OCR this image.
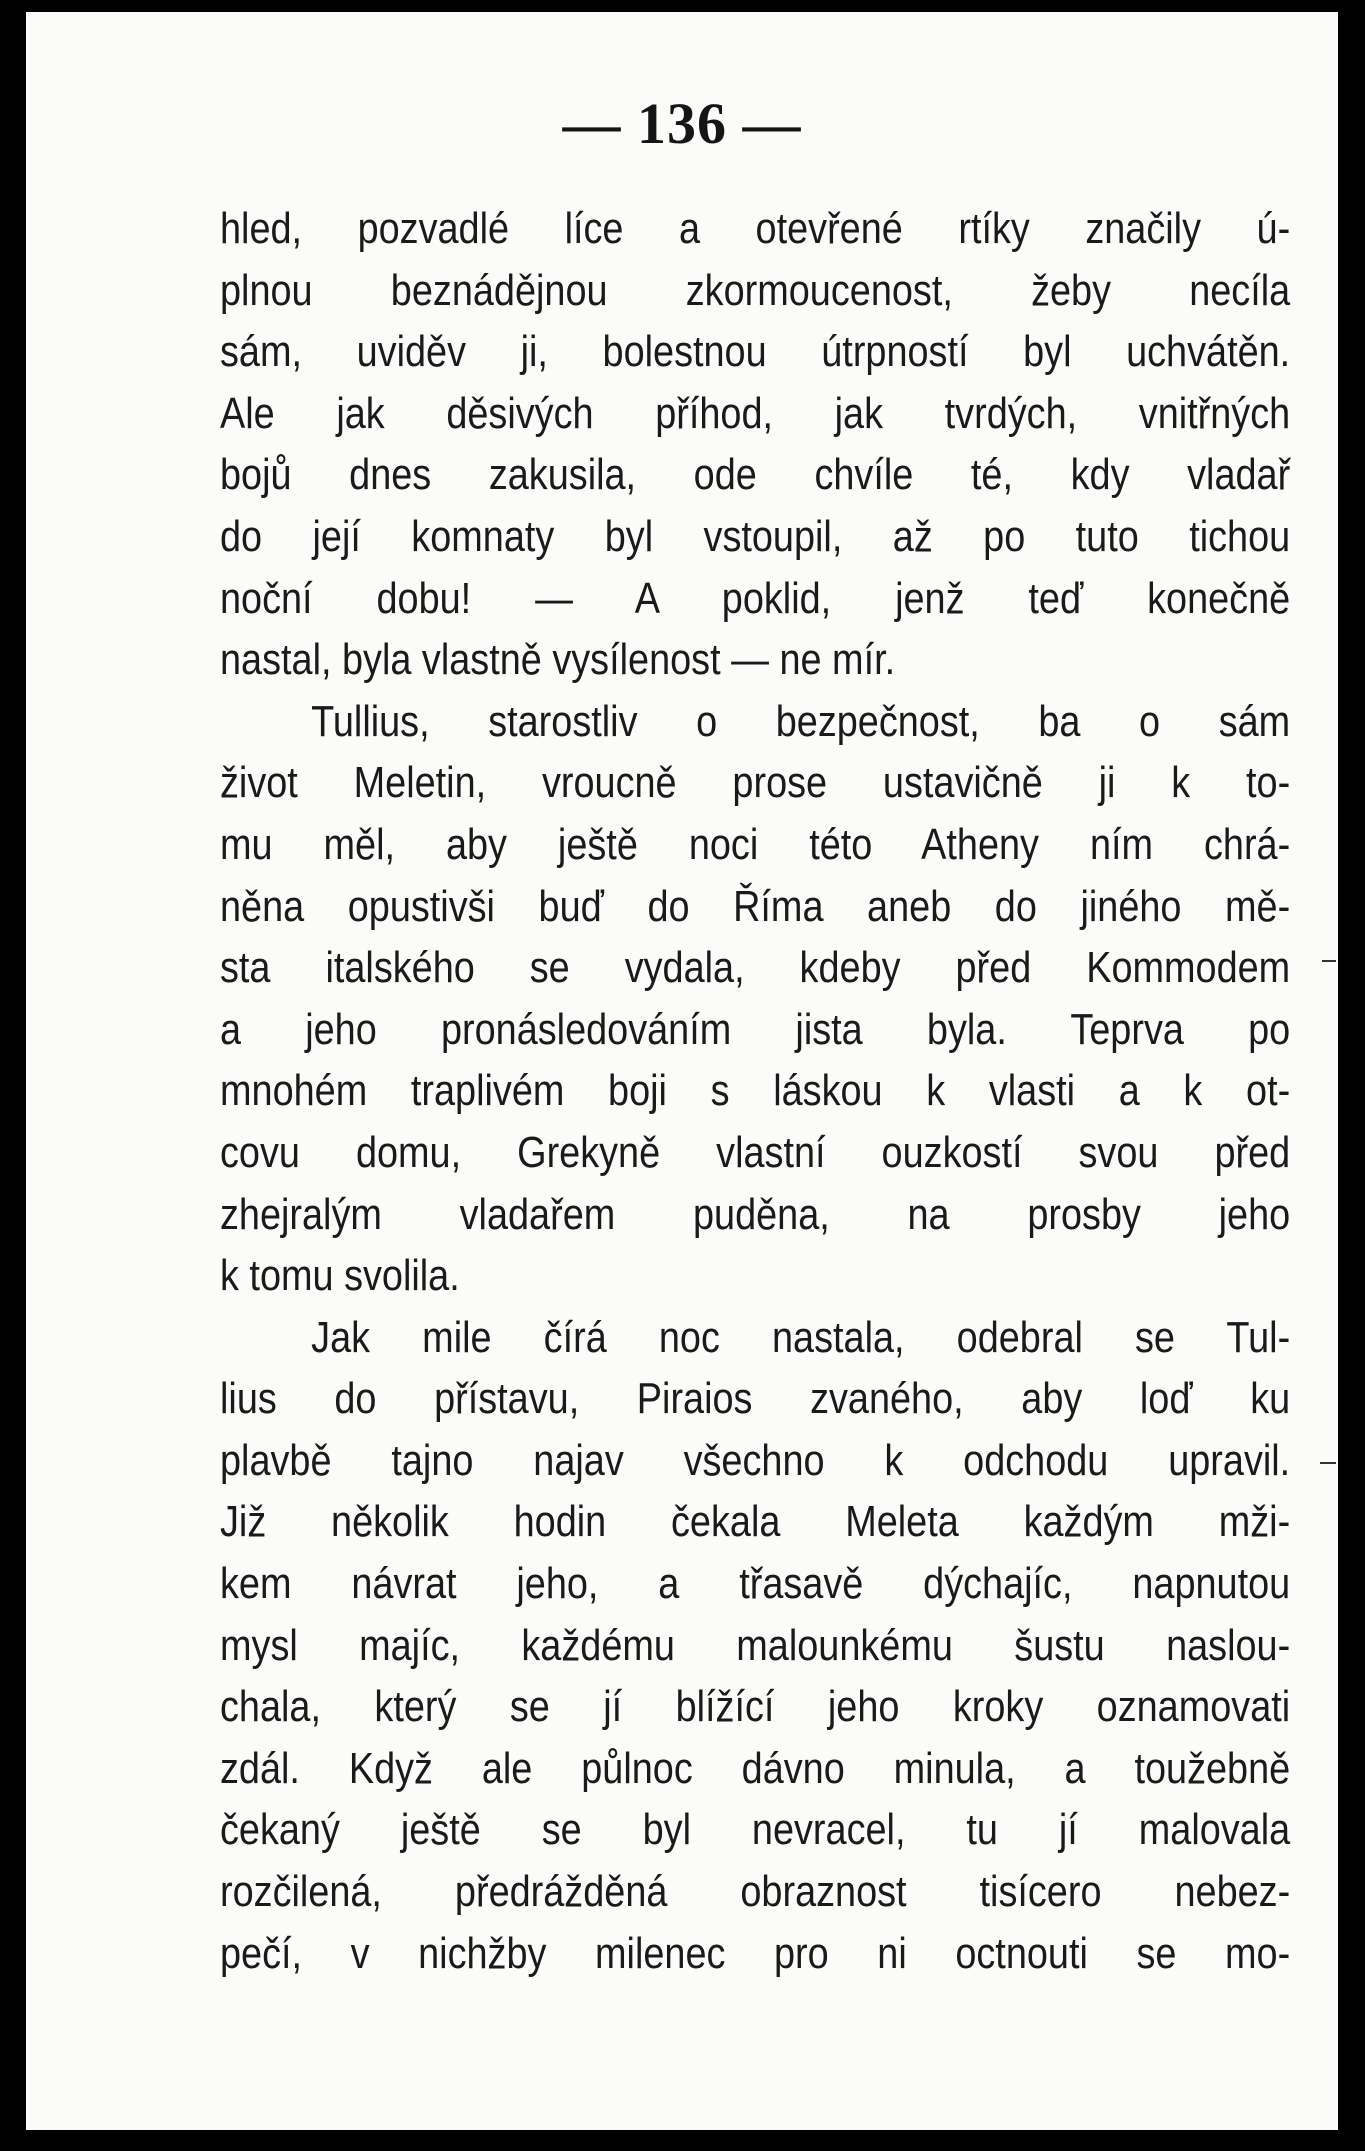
— 136 —
hled, pozvadlé líce a otevřené rtíky značily ú-
plnou beznádějnou zkormoucenost, žeby necíla
sám, uviděv ji, bolestnou útrpností byl uchvátěn.
Ale jak děsivých příhod, jak tvrdých, vnitřných
bojů dnes zakusila, ode chvíle té, kdy vladař
do její komnaty byl vstoupil, až po tuto tichou
noční dobu! — A poklid, jenž teď konečně
nastal, byla vlastně vysílenost — ne mír.
Tullius, starostliv o bezpečnost, ba o sám
život Meletin, vroucně prose ustavičně ji k to-
mu měl, aby ještě noci této Atheny ním chrá-
něna opustivši buď do Říma aneb do jiného mě-
sta italského se vydala, kdeby před Kommodem
a jeho pronásledováním jista byla. Teprva po
mnohém traplivém boji s láskou k vlasti a k ot-
covu domu, Grekyně vlastní ouzkostí svou před
zhejralým vladařem puděna, na prosby jeho
k tomu svolila.
Jak mile čírá noc nastala, odebral se Tul-
lius do přístavu, Piraios zvaného, aby loď ku
plavbě tajno najav všechno k odchodu upravil.
Již několik hodin čekala Meleta každým mži-
kem návrat jeho, a třasavě dýchajíc, napnutou
mysl majíc, každému malounkému šustu naslou-
chala, který se jí blížící jeho kroky oznamovati
zdál. Když ale půlnoc dávno minula, a toužebně
čekaný ještě se byl nevracel, tu jí malovala
rozčilená, předrážděná obraznost tisícero nebez-
pečí, v nichžby milenec pro ni octnouti se mo-
